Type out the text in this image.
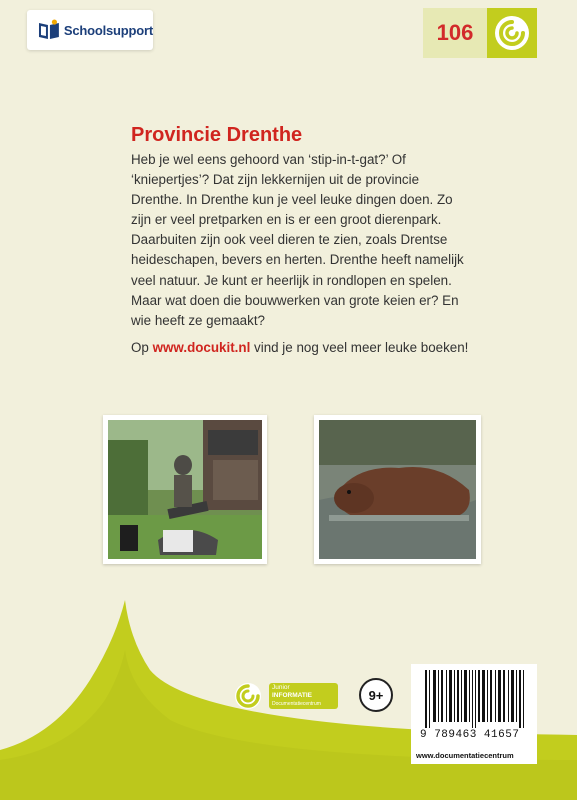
Schoolsupport	106
Provincie Drenthe

Heb je wel eens gehoord van ‘stip-in-t-gat?’ Of
‘kniepertjes’? Dat zijn lekkernijen uit de provincie
Drenthe. In Drenthe kun je veel leuke dingen doen. Zo
zijn er veel pretparken en is er een groot dierenpark.
Daarbuiten zijn ook veel dieren te zien, zoals Drentse
heideschapen, bevers en herten. Drenthe heeft namelijk
veel natuur. Je kunt er heerlijk in rondlopen en spelen.
Maar wat doen die bouwwerken van grote keien er? En
wie heeft ze gemaakt?

Op www.docukit.nl vind je nog veel meer leuke boeken!
Junior
INFORMATIE
Documentatiecentrum
9+
9 789463 41657
www.documentatiecentrum
